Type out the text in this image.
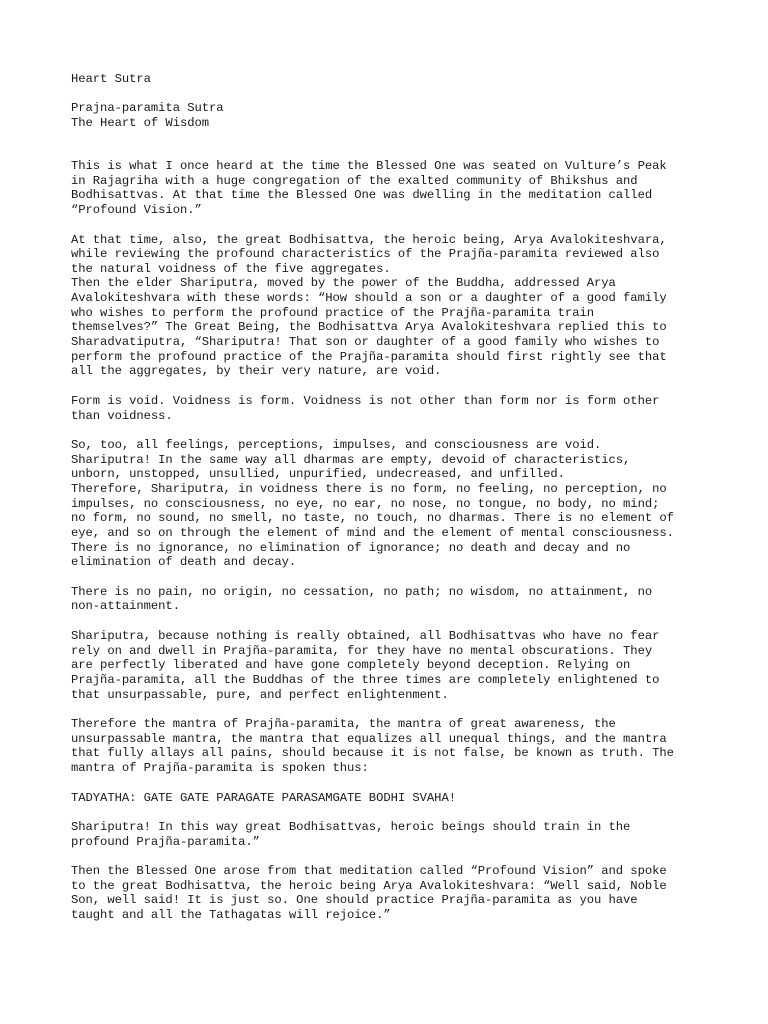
Heart Sutra
Prajna-paramita Sutra
The Heart of Wisdom
This is what I once heard at the time the Blessed One was seated on Vulture’s Peak
in Rajagriha with a huge congregation of the exalted community of Bhikshus and
Bodhisattvas. At that time the Blessed One was dwelling in the meditation called
“Profound Vision.”
At that time, also, the great Bodhisattva, the heroic being, Arya Avalokiteshvara,
while reviewing the profound characteristics of the Prajña-paramita reviewed also
the natural voidness of the five aggregates.
Then the elder Shariputra, moved by the power of the Buddha, addressed Arya
Avalokiteshvara with these words: “How should a son or a daughter of a good family
who wishes to perform the profound practice of the Prajña-paramita train
themselves?” The Great Being, the Bodhisattva Arya Avalokiteshvara replied this to
Sharadvatiputra, “Shariputra! That son or daughter of a good family who wishes to
perform the profound practice of the Prajña-paramita should first rightly see that
all the aggregates, by their very nature, are void.
Form is void. Voidness is form. Voidness is not other than form nor is form other
than voidness.
So, too, all feelings, perceptions, impulses, and consciousness are void.
Shariputra! In the same way all dharmas are empty, devoid of characteristics,
unborn, unstopped, unsullied, unpurified, undecreased, and unfilled.
Therefore, Shariputra, in voidness there is no form, no feeling, no perception, no
impulses, no consciousness, no eye, no ear, no nose, no tongue, no body, no mind;
no form, no sound, no smell, no taste, no touch, no dharmas. There is no element of
eye, and so on through the element of mind and the element of mental consciousness.
There is no ignorance, no elimination of ignorance; no death and decay and no
elimination of death and decay.
There is no pain, no origin, no cessation, no path; no wisdom, no attainment, no
non-attainment.
Shariputra, because nothing is really obtained, all Bodhisattvas who have no fear
rely on and dwell in Prajña-paramita, for they have no mental obscurations. They
are perfectly liberated and have gone completely beyond deception. Relying on
Prajña-paramita, all the Buddhas of the three times are completely enlightened to
that unsurpassable, pure, and perfect enlightenment.
Therefore the mantra of Prajña-paramita, the mantra of great awareness, the
unsurpassable mantra, the mantra that equalizes all unequal things, and the mantra
that fully allays all pains, should because it is not false, be known as truth. The
mantra of Prajña-paramita is spoken thus:
TADYATHA: GATE GATE PARAGATE PARASAMGATE BODHI SVAHA!
Shariputra! In this way great Bodhisattvas, heroic beings should train in the
profound Prajña-paramita.”
Then the Blessed One arose from that meditation called “Profound Vision” and spoke
to the great Bodhisattva, the heroic being Arya Avalokiteshvara: “Well said, Noble
Son, well said! It is just so. One should practice Prajña-paramita as you have
taught and all the Tathagatas will rejoice.”
